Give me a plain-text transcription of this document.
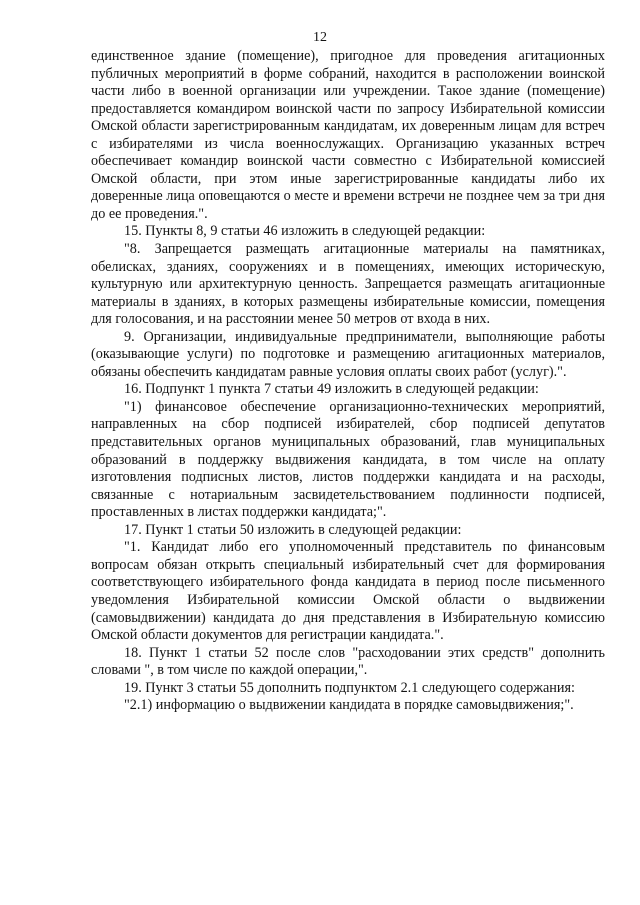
12

единственное здание (помещение), пригодное для проведения агитационных публичных мероприятий в форме собраний, находится в расположении воинской части либо в военной организации или учреждении. Такое здание (помещение) предоставляется командиром воинской части по запросу Избирательной комиссии Омской области зарегистрированным кандидатам, их доверенным лицам для встреч с избирателями из числа военнослужащих. Организацию указанных встреч обеспечивает командир воинской части совместно с Избирательной комиссией Омской области, при этом иные зарегистрированные кандидаты либо их доверенные лица оповещаются о месте и времени встречи не позднее чем за три дня до ее проведения.".

15. Пункты 8, 9 статьи 46 изложить в следующей редакции:

"8. Запрещается размещать агитационные материалы на памятниках, обелисках, зданиях, сооружениях и в помещениях, имеющих историческую, культурную или архитектурную ценность. Запрещается размещать агитационные материалы в зданиях, в которых размещены избирательные комиссии, помещения для голосования, и на расстоянии менее 50 метров от входа в них.

9. Организации, индивидуальные предприниматели, выполняющие работы (оказывающие услуги) по подготовке и размещению агитационных материалов, обязаны обеспечить кандидатам равные условия оплаты своих работ (услуг).".

16. Подпункт 1 пункта 7 статьи 49 изложить в следующей редакции:

"1) финансовое обеспечение организационно-технических мероприятий, направленных на сбор подписей избирателей, сбор подписей депутатов представительных органов муниципальных образований, глав муниципальных образований в поддержку выдвижения кандидата, в том числе на оплату изготовления подписных листов, листов поддержки кандидата и на расходы, связанные с нотариальным засвидетельствованием подлинности подписей, проставленных в листах поддержки кандидата;".

17. Пункт 1 статьи 50 изложить в следующей редакции:

"1. Кандидат либо его уполномоченный представитель по финансовым вопросам обязан открыть специальный избирательный счет для формирования соответствующего избирательного фонда кандидата в период после письменного уведомления Избирательной комиссии Омской области о выдвижении (самовыдвижении) кандидата до дня представления в Избирательную комиссию Омской области документов для регистрации кандидата.".

18. Пункт 1 статьи 52 после слов "расходовании этих средств" дополнить словами ", в том числе по каждой операции,".

19. Пункт 3 статьи 55 дополнить подпунктом 2.1 следующего содержания:

"2.1) информацию о выдвижении кандидата в порядке самовыдвижения;".
